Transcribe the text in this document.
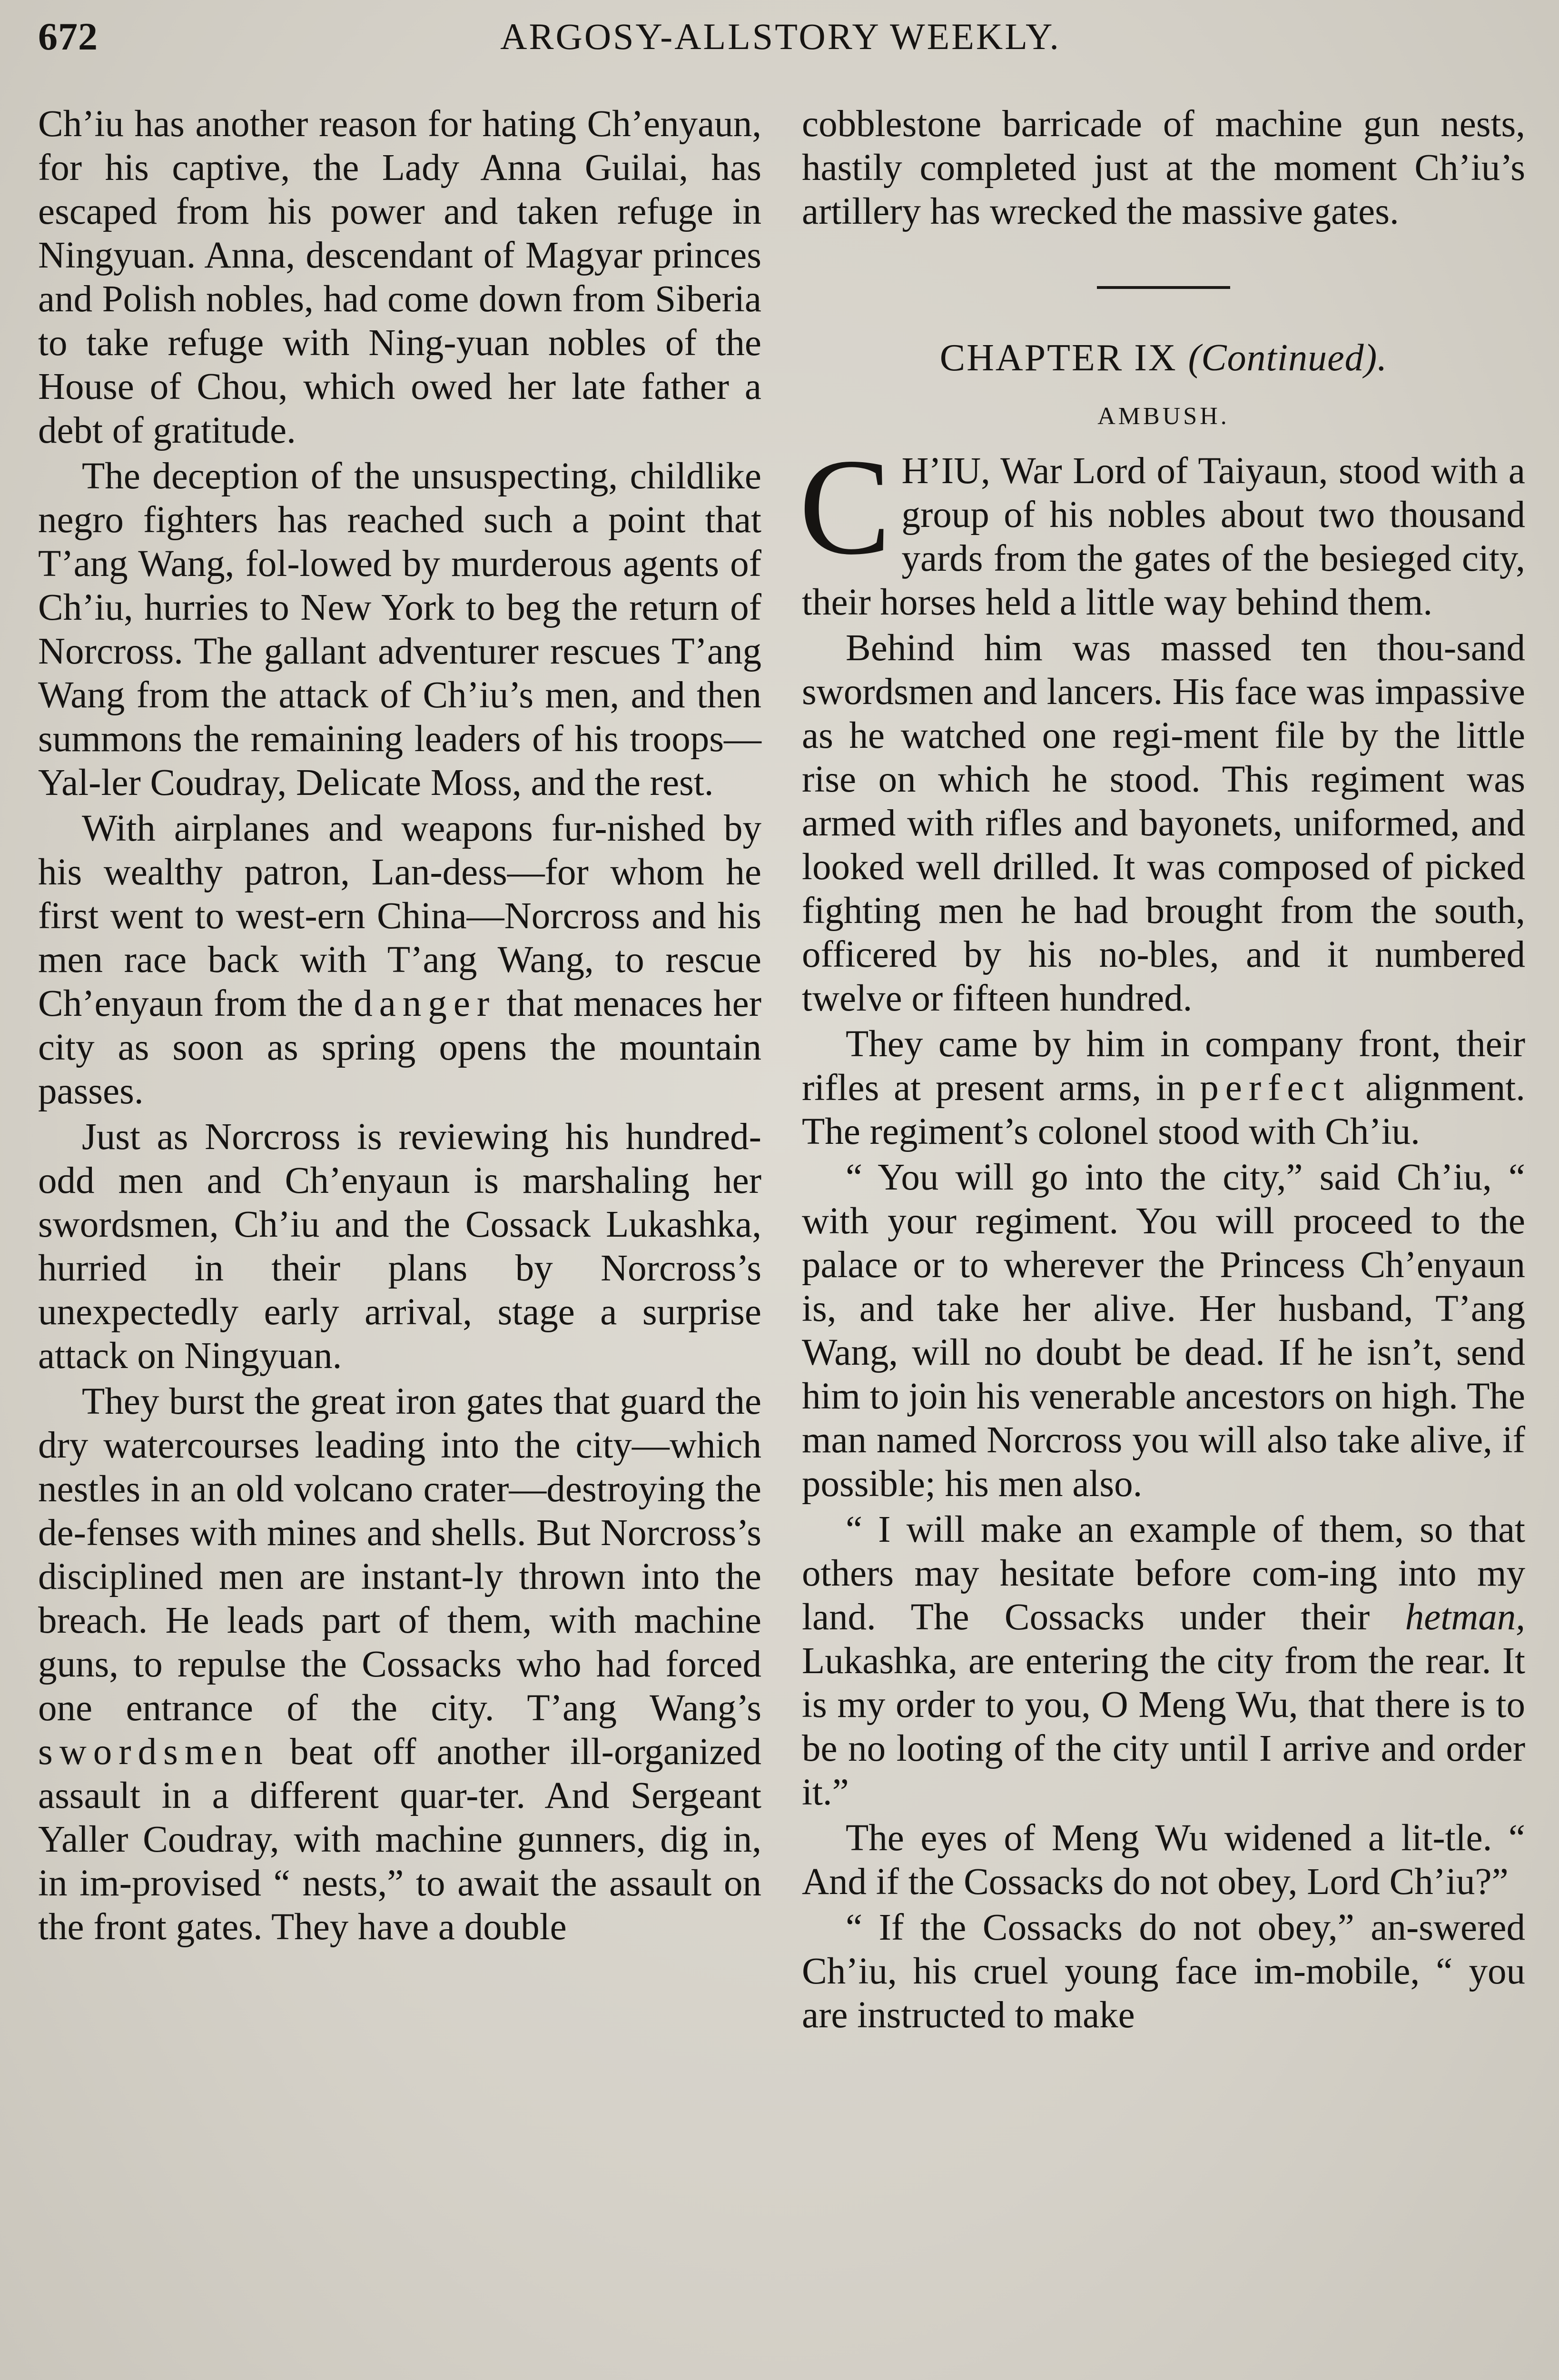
672	ARGOSY-ALLSTORY WEEKLY.

Ch’iu has another reason for hating Ch’enyaun, for his captive, the Lady Anna Guilai, has escaped from his power and taken refuge in Ningyuan. Anna, descendant of Magyar princes and Polish nobles, had come down from Siberia to take refuge with Ning-yuan nobles of the House of Chou, which owed her late father a debt of gratitude.

The deception of the unsuspecting, childlike negro fighters has reached such a point that T’ang Wang, fol-lowed by murderous agents of Ch’iu, hurries to New York to beg the return of Norcross. The gallant adventurer rescues T’ang Wang from the attack of Ch’iu’s men, and then summons the remaining leaders of his troops—Yal-ler Coudray, Delicate Moss, and the rest.

With airplanes and weapons fur-nished by his wealthy patron, Lan-dess—for whom he first went to west-ern China—Norcross and his men race back with T’ang Wang, to rescue Ch’enyaun from the danger that menaces her city as soon as spring opens the mountain passes.

Just as Norcross is reviewing his hundred-odd men and Ch’enyaun is marshaling her swordsmen, Ch’iu and the Cossack Lukashka, hurried in their plans by Norcross’s unexpectedly early arrival, stage a surprise attack on Ningyuan.

They burst the great iron gates that guard the dry watercourses leading into the city—which nestles in an old volcano crater—destroying the de-fenses with mines and shells. But Norcross’s disciplined men are instant-ly thrown into the breach. He leads part of them, with machine guns, to repulse the Cossacks who had forced one entrance of the city. T’ang Wang’s swordsmen beat off another ill-organized assault in a different quar-ter. And Sergeant Yaller Coudray, with machine gunners, dig in, in im-provised “ nests,” to await the assault on the front gates. They have a double

cobblestone barricade of machine gun nests, hastily completed just at the moment Ch’iu’s artillery has wrecked the massive gates.

CHAPTER IX (Continued).
AMBUSH.

C H’IU, War Lord of Taiyaun, stood with a group of his nobles about two thousand yards from the gates of the besieged city, their horses held a little way behind them.

Behind him was massed ten thou-sand swordsmen and lancers. His face was impassive as he watched one regi-ment file by the little rise on which he stood. This regiment was armed with rifles and bayonets, uniformed, and looked well drilled. It was composed of picked fighting men he had brought from the south, officered by his no-bles, and it numbered twelve or fifteen hundred.

They came by him in company front, their rifles at present arms, in perfect alignment. The regiment’s colonel stood with Ch’iu.

“ You will go into the city,” said Ch’iu, “ with your regiment. You will proceed to the palace or to wherever the Princess Ch’enyaun is, and take her alive. Her husband, T’ang Wang, will no doubt be dead. If he isn’t, send him to join his venerable ancestors on high. The man named Norcross you will also take alive, if possible; his men also.

“ I will make an example of them, so that others may hesitate before com-ing into my land. The Cossacks under their hetman, Lukashka, are entering the city from the rear. It is my order to you, O Meng Wu, that there is to be no looting of the city until I arrive and order it.”

The eyes of Meng Wu widened a lit-tle. “ And if the Cossacks do not obey, Lord Ch’iu?”

“ If the Cossacks do not obey,” an-swered Ch’iu, his cruel young face im-mobile, “ you are instructed to make
